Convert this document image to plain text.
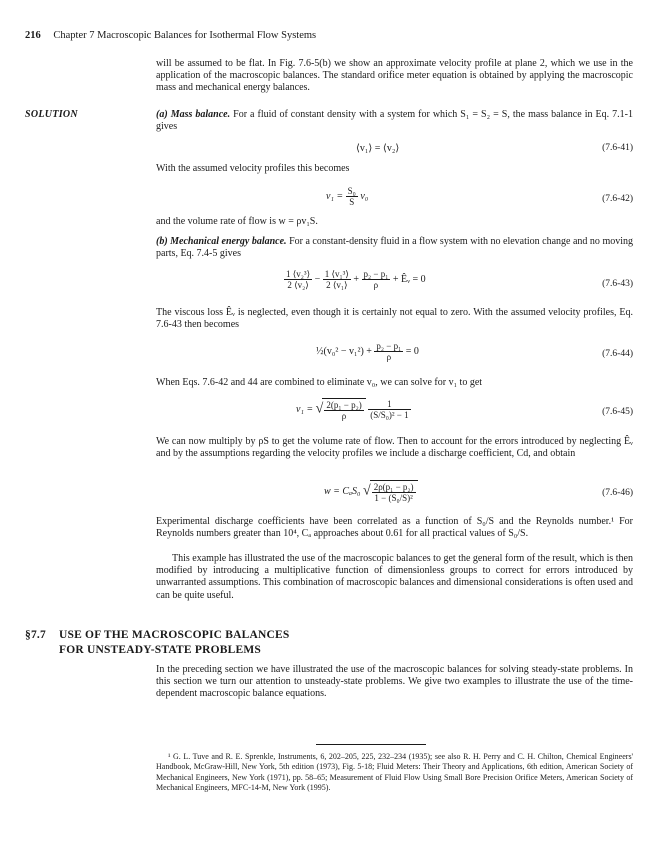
216 Chapter 7 Macroscopic Balances for Isothermal Flow Systems

will be assumed to be flat. In Fig. 7.6-5(b) we show an approximate velocity profile at plane 2, which we use in the application of the macroscopic balances. The standard orifice meter equation is obtained by applying the macroscopic mass and mechanical energy balances.

SOLUTION	(a) Mass balance. For a fluid of constant density with a system for which S₁ = S₂ = S, the mass balance in Eq. 7.1-1 gives

⟨v₁⟩ = ⟨v₂⟩	(7.6-41)

With the assumed velocity profiles this becomes

$v_1 = \frac{\text{S₀}}{S} v_0$	(7.6-42)

and the volume rate of flow is w = ρv₁S.

(b) Mechanical energy balance. For a constant-density fluid in a flow system with no elevation change and no moving parts, Eq. 7.4-5 gives

$\frac{\text{1 ⟨v₂³⟩}}{\text{2 ⟨v₂⟩}} - \frac{\text{1 ⟨v₁³⟩}}{\text{2 ⟨v₁⟩}} + \frac{\text{p₂ − p₁}}{\rho}$ + Êᵥ = 0	(7.6-43)

The viscous loss Êᵥ is neglected, even though it is certainly not equal to zero. With the assumed velocity profiles, Eq. 7.6-43 then becomes

½(v₀² − $v_1^2) + \frac{\text{p₂ − p₁}}{\rho} = 0$	(7.6-44)

When Eqs. 7.6-42 and 44 are combined to eliminate v₀, we can solve for v₁ to get

v₁ = √ $\frac{\text{2(p₁ − p₂)}}{\rho}$
$\frac{1}{\text{(S/S₀)² − 1}}$	(7.6-45)

We can now multiply by ρS to get the volume rate of flow. Then to account for the errors introduced by neglecting Êᵥ and by the assumptions regarding the velocity profiles we include a discharge coefficient, Cd, and obtain

w = CₐS₀ √ $\frac{\text{2ρ(p₁ − p₂)}}{\text{1 − (S₀/S)²}}$	(7.6-46)

Experimental discharge coefficients have been correlated as a function of S₀/S and the Reynolds number.¹ For Reynolds numbers greater than 10⁴, Cₐ approaches about 0.61 for all practical values of S₀/S.

This example has illustrated the use of the macroscopic balances to get the general form of the result, which is then modified by introducing a multiplicative function of dimensionless groups to correct for errors introduced by unwarranted assumptions. This combination of macroscopic balances and dimensional considerations is often used and can be quite useful.

§7.7 USE OF THE MACROSCOPIC BALANCES
FOR UNSTEADY-STATE PROBLEMS

In the preceding section we have illustrated the use of the macroscopic balances for solving steady-state problems. In this section we turn our attention to unsteady-state problems. We give two examples to illustrate the use of the time-dependent macroscopic balance equations.

¹ G. L. Tuve and R. E. Sprenkle, Instruments, 6, 202–205, 225, 232–234 (1935); see also R. H. Perry and C. H. Chilton, Chemical Engineers' Handbook, McGraw-Hill, New York, 5th edition (1973), Fig. 5-18; Fluid Meters: Their Theory and Applications, 6th edition, American Society of Mechanical Engineers, New York (1971), pp. 58–65; Measurement of Fluid Flow Using Small Bore Precision Orifice Meters, American Society of Mechanical Engineers, MFC-14-M, New York (1995).
